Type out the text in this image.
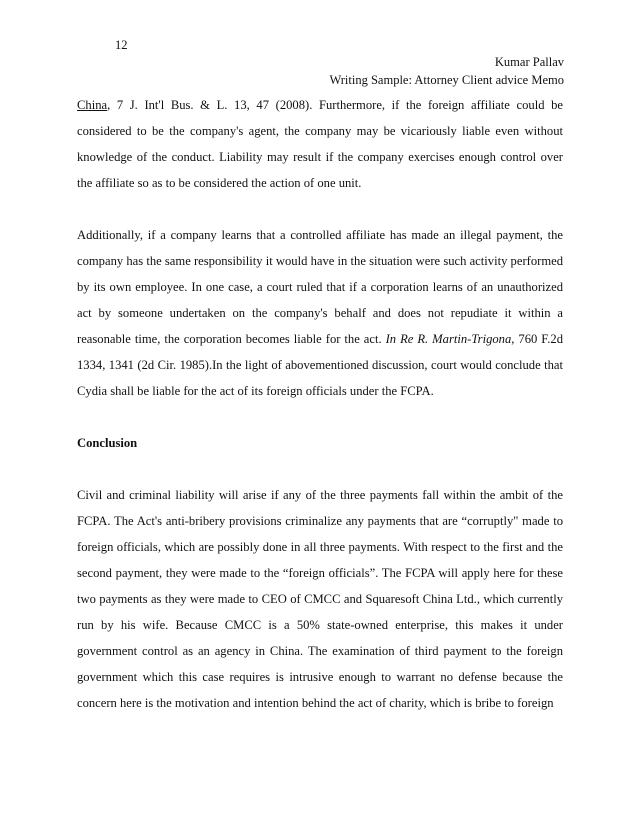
12
Kumar Pallav
Writing Sample: Attorney Client advice Memo

China, 7 J. Int'l Bus. & L. 13, 47 (2008). Furthermore, if the foreign affiliate could be considered to be the company's agent, the company may be vicariously liable even without knowledge of the conduct. Liability may result if the company exercises enough control over the affiliate so as to be considered the action of one unit.

Additionally, if a company learns that a controlled affiliate has made an illegal payment, the company has the same responsibility it would have in the situation were such activity performed by its own employee. In one case, a court ruled that if a corporation learns of an unauthorized act by someone undertaken on the company's behalf and does not repudiate it within a reasonable time, the corporation becomes liable for the act. In Re R. Martin-Trigona, 760 F.2d 1334, 1341 (2d Cir. 1985).In the light of abovementioned discussion, court would conclude that Cydia shall be liable for the act of its foreign officials under the FCPA.

Conclusion

Civil and criminal liability will arise if any of the three payments fall within the ambit of the FCPA. The Act's anti-bribery provisions criminalize any payments that are “corruptly" made to foreign officials, which are possibly done in all three payments. With respect to the first and the second payment, they were made to the “foreign officials”. The FCPA will apply here for these two payments as they were made to CEO of CMCC and Squaresoft China Ltd., which currently run by his wife. Because CMCC is a 50% state-owned enterprise, this makes it under government control as an agency in China. The examination of third payment to the foreign government which this case requires is intrusive enough to warrant no defense because the concern here is the motivation and intention behind the act of charity, which is bribe to foreign
